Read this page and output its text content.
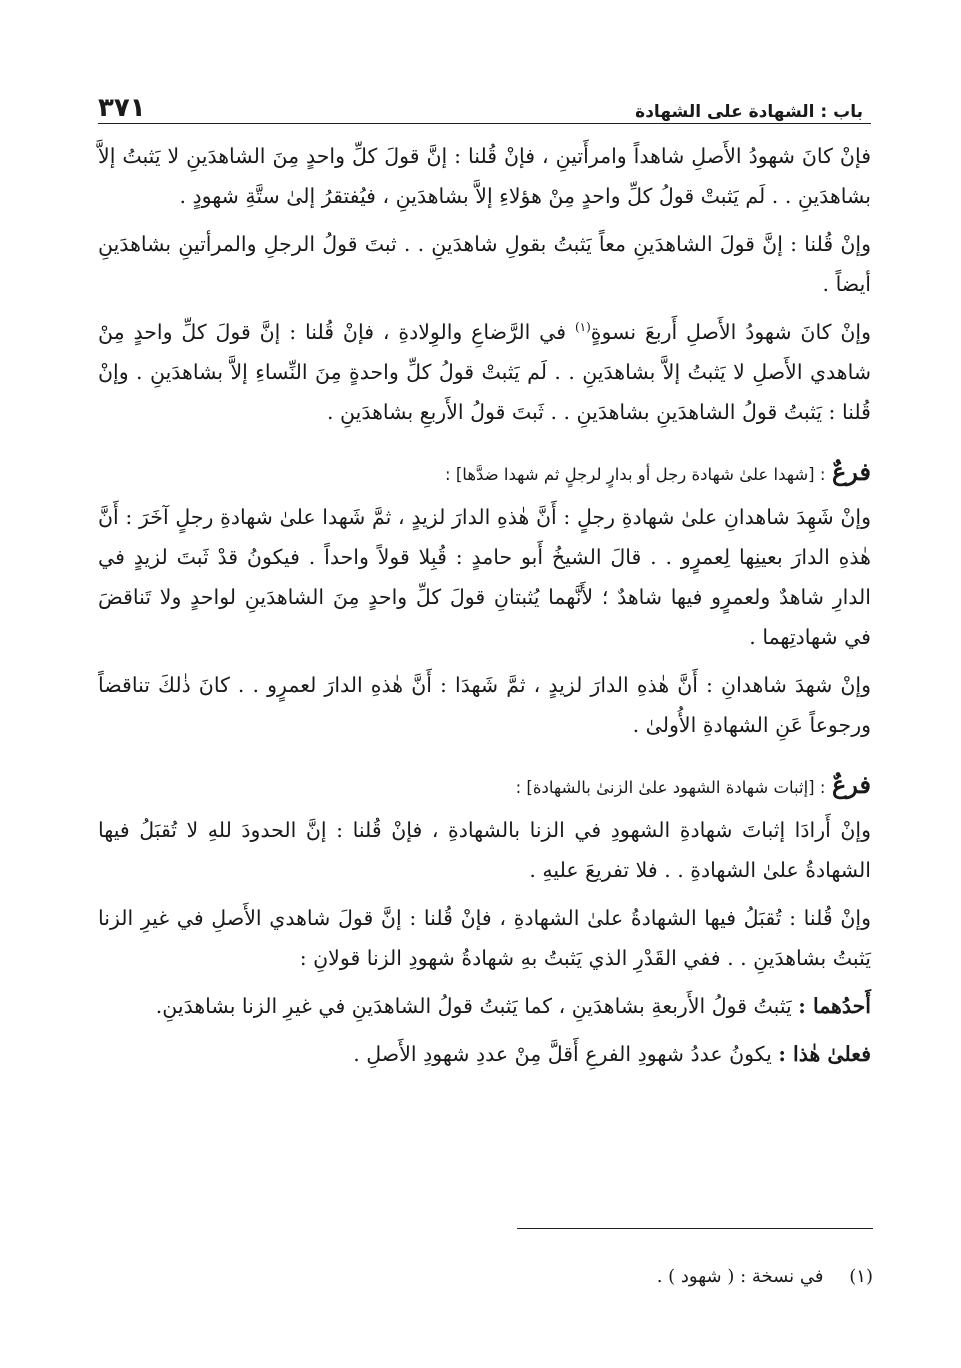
باب : الشهادة على الشهادة
٣٧١

فإنْ كانَ شهودُ الأَصلِ شاهداً وامرأَتينِ ، فإنْ قُلنا : إنَّ قولَ كلِّ واحدٍ مِنَ الشاهدَينِ لا يَثبتُ إلاَّ بشاهدَينِ . . لَم يَثبتْ قولُ كلِّ واحدٍ مِنْ هؤلاءِ إلاَّ بشاهدَينِ ، فيُفتقرُ إلىٰ ستَّةِ شهودٍ .

وإنْ قُلنا : إنَّ قولَ الشاهدَينِ معاً يَثبتُ بقولِ شاهدَينِ . . ثبتَ قولُ الرجلِ والمرأتينِ بشاهدَينِ أيضاً .

وإنْ كانَ شهودُ الأَصلِ أَربعَ نسوةٍ$^{(١)}$ في الرَّضاعِ والوِلادةِ ، فإنْ قُلنا : إنَّ قولَ كلِّ واحدٍ مِنْ شاهدي الأَصلِ لا يَثبتُ إلاَّ بشاهدَينِ . . لَم يَثبتْ قولُ كلِّ واحدةٍ مِنَ النِّساءِ إلاَّ بشاهدَينِ . وإنْ قُلنا : يَثبتُ قولُ الشاهدَينِ بشاهدَينِ . . ثَبتَ قولُ الأَربعِ بشاهدَينِ .

فرعٌ : [شهدا علىٰ شهادة رجل أو بدارٍ لرجلٍ ثم شهدا ضدَّها] :

وإنْ شَهِدَ شاهدانِ علىٰ شهادةِ رجلٍ : أَنَّ هٰذهِ الدارَ لزيدٍ ، ثمَّ شَهدا علىٰ شهادةِ رجلٍ آخَرَ : أَنَّ هٰذهِ الدارَ بعينِها لِعمرٍو . . قالَ الشيخُ أَبو حامدٍ : قُبِلا قولاً واحداً . فيكونُ قدْ ثَبتَ لزيدٍ في الدارِ شاهدٌ ولعمرٍو فيها شاهدٌ ؛ لأَنَّهما يُثبتانِ قولَ كلِّ واحدٍ مِنَ الشاهدَينِ لواحدٍ ولا تَناقضَ في شهادتِهما .

وإنْ شهدَ شاهدانِ : أَنَّ هٰذهِ الدارَ لزيدٍ ، ثمَّ شَهدَا : أَنَّ هٰذهِ الدارَ لعمرٍو . . كانَ ذٰلكَ تناقضاً ورجوعاً عَنِ الشهادةِ الأُولىٰ .

فرعٌ : [إثبات شهادة الشهود علىٰ الزنىٰ بالشهادة] :

وإنْ أَرادَا إثباتَ شهادةِ الشهودِ في الزنا بالشهادةِ ، فإنْ قُلنا : إنَّ الحدودَ للهِ لا تُقبَلُ فيها الشهادةُ علىٰ الشهادةِ . . فلا تفريعَ عليهِ .

وإنْ قُلنا : تُقبَلُ فيها الشهادةُ علىٰ الشهادةِ ، فإنْ قُلنا : إنَّ قولَ شاهدي الأَصلِ في غيرِ الزنا يَثبتُ بشاهدَينِ . . ففي القَدْرِ الذي يَثبتُ بهِ شهادةُ شهودِ الزنا قولانِ :

أَحدُهما : يَثبتُ قولُ الأَربعةِ بشاهدَينِ ، كما يَثبتُ قولُ الشاهدَينِ في غيرِ الزنا بشاهدَينِ.

فعلىٰ هٰذا : يكونُ عددُ شهودِ الفرعِ أَقلَّ مِنْ عددِ شهودِ الأَصلِ .

(١) في نسخة : ( شهود ) .
